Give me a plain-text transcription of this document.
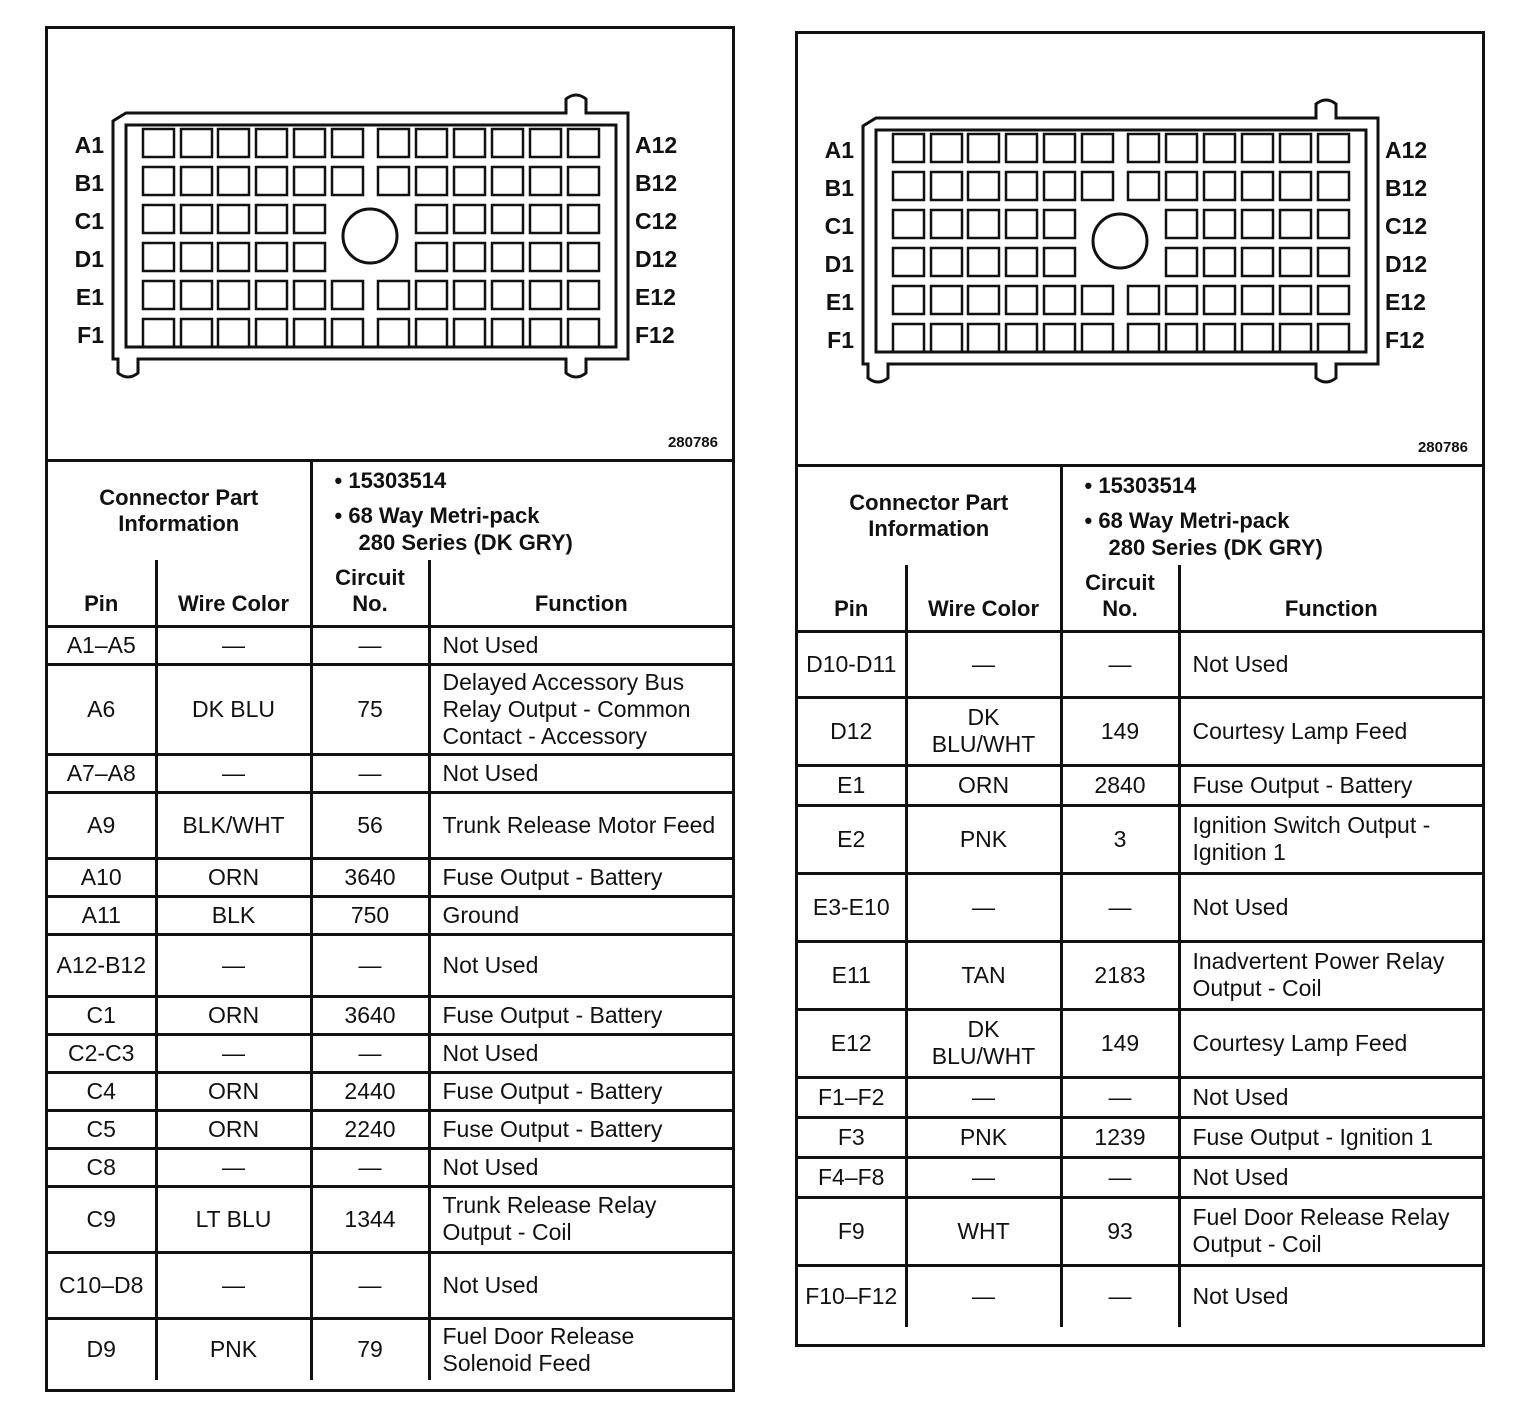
A1	A12
B1	B12
C1	C12
D1	D12
E1	E12
F1	F12
280786
Connector Part Information	
• 15303514
• 68 Way Metri-pack
280 Series (DK GRY)
Pin	Wire Color	Circuit No.	Function
A1–A5	—	—	Not Used
A6	DK BLU	75	Delayed Accessory Bus Relay Output - Common Contact - Accessory
A7–A8	—	—	Not Used
A9	BLK/WHT	56	Trunk Release Motor Feed
A10	ORN	3640	Fuse Output - Battery
A11	BLK	750	Ground
A12-B12	—	—	Not Used
C1	ORN	3640	Fuse Output - Battery
C2-C3	—	—	Not Used
C4	ORN	2440	Fuse Output - Battery
C5	ORN	2240	Fuse Output - Battery
C8	—	—	Not Used
C9	LT BLU	1344	Trunk Release Relay Output - Coil
C10–D8	—	—	Not Used
D9	PNK	79	Fuel Door Release Solenoid Feed
A1	A12
B1	B12
C1	C12
D1	D12
E1	E12
F1	F12
280786
Connector Part Information	
• 15303514
• 68 Way Metri-pack
280 Series (DK GRY)
Pin	Wire Color	Circuit No.	Function
D10-D11	—	—	Not Used
D12	DK BLU/WHT	149	Courtesy Lamp Feed
E1	ORN	2840	Fuse Output - Battery
E2	PNK	3	Ignition Switch Output - Ignition 1
E3-E10	—	—	Not Used
E11	TAN	2183	Inadvertent Power Relay Output - Coil
E12	DK BLU/WHT	149	Courtesy Lamp Feed
F1–F2	—	—	Not Used
F3	PNK	1239	Fuse Output - Ignition 1
F4–F8	—	—	Not Used
F9	WHT	93	Fuel Door Release Relay Output - Coil
F10–F12	—	—	Not Used
